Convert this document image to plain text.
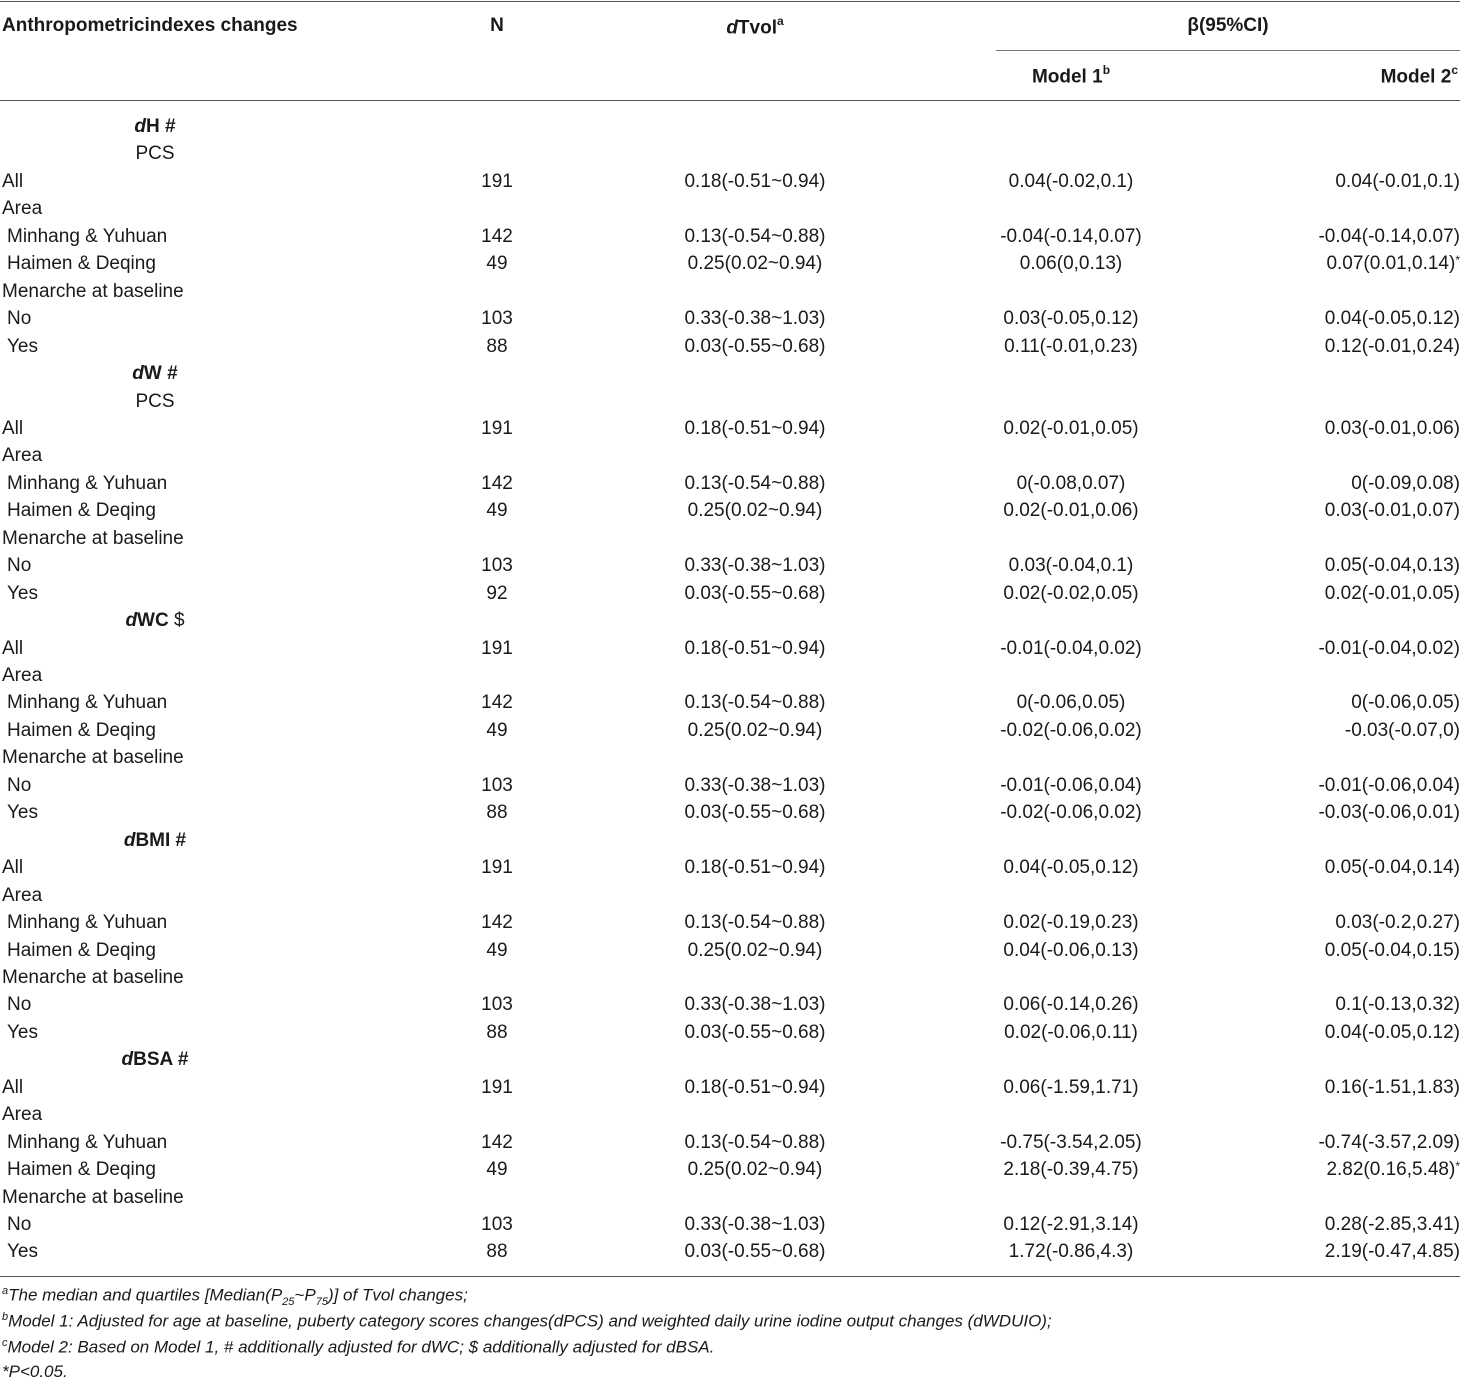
Anthropometricindexes changes	N	dTvol$^a$	β(95%CI)
Model 1$^b$	Model 2$^c$
dH #
PCS
All	191	0.18(-0.51~0.94)	0.04(-0.02,0.1)	0.04(-0.01,0.1)
Area
Minhang & Yuhuan	142	0.13(-0.54~0.88)	-0.04(-0.14,0.07)	-0.04(-0.14,0.07)
Haimen & Deqing	49	0.25(0.02~0.94)	0.06(0,0.13)	0.07(0.01,0.14)*
Menarche at baseline
No	103	0.33(-0.38~1.03)	0.03(-0.05,0.12)	0.04(-0.05,0.12)
Yes	88	0.03(-0.55~0.68)	0.11(-0.01,0.23)	0.12(-0.01,0.24)
dW #
PCS
All	191	0.18(-0.51~0.94)	0.02(-0.01,0.05)	0.03(-0.01,0.06)
Area
Minhang & Yuhuan	142	0.13(-0.54~0.88)	0(-0.08,0.07)	0(-0.09,0.08)
Haimen & Deqing	49	0.25(0.02~0.94)	0.02(-0.01,0.06)	0.03(-0.01,0.07)
Menarche at baseline
No	103	0.33(-0.38~1.03)	0.03(-0.04,0.1)	0.05(-0.04,0.13)
Yes	92	0.03(-0.55~0.68)	0.02(-0.02,0.05)	0.02(-0.01,0.05)
dWC $
All	191	0.18(-0.51~0.94)	-0.01(-0.04,0.02)	-0.01(-0.04,0.02)
Area
Minhang & Yuhuan	142	0.13(-0.54~0.88)	0(-0.06,0.05)	0(-0.06,0.05)
Haimen & Deqing	49	0.25(0.02~0.94)	-0.02(-0.06,0.02)	-0.03(-0.07,0)
Menarche at baseline
No	103	0.33(-0.38~1.03)	-0.01(-0.06,0.04)	-0.01(-0.06,0.04)
Yes	88	0.03(-0.55~0.68)	-0.02(-0.06,0.02)	-0.03(-0.06,0.01)
dBMI #
All	191	0.18(-0.51~0.94)	0.04(-0.05,0.12)	0.05(-0.04,0.14)
Area
Minhang & Yuhuan	142	0.13(-0.54~0.88)	0.02(-0.19,0.23)	0.03(-0.2,0.27)
Haimen & Deqing	49	0.25(0.02~0.94)	0.04(-0.06,0.13)	0.05(-0.04,0.15)
Menarche at baseline
No	103	0.33(-0.38~1.03)	0.06(-0.14,0.26)	0.1(-0.13,0.32)
Yes	88	0.03(-0.55~0.68)	0.02(-0.06,0.11)	0.04(-0.05,0.12)
dBSA #
All	191	0.18(-0.51~0.94)	0.06(-1.59,1.71)	0.16(-1.51,1.83)
Area
Minhang & Yuhuan	142	0.13(-0.54~0.88)	-0.75(-3.54,2.05)	-0.74(-3.57,2.09)
Haimen & Deqing	49	0.25(0.02~0.94)	2.18(-0.39,4.75)	2.82(0.16,5.48)*
Menarche at baseline
No	103	0.33(-0.38~1.03)	0.12(-2.91,3.14)	0.28(-2.85,3.41)
Yes	88	0.03(-0.55~0.68)	1.72(-0.86,4.3)	2.19(-0.47,4.85)
$^a$The median and quartiles $[Median(P_{25}\sim P_{75})]$ of Tvol changes;
$^b$Model 1: Adjusted for age at baseline, puberty category scores changes(dPCS) and weighted daily urine iodine output changes (dWDUIO);
$^c$Model 2: Based on Model 1, # additionally adjusted for dWC; $ additionally adjusted for dBSA.
*P<0.05.
